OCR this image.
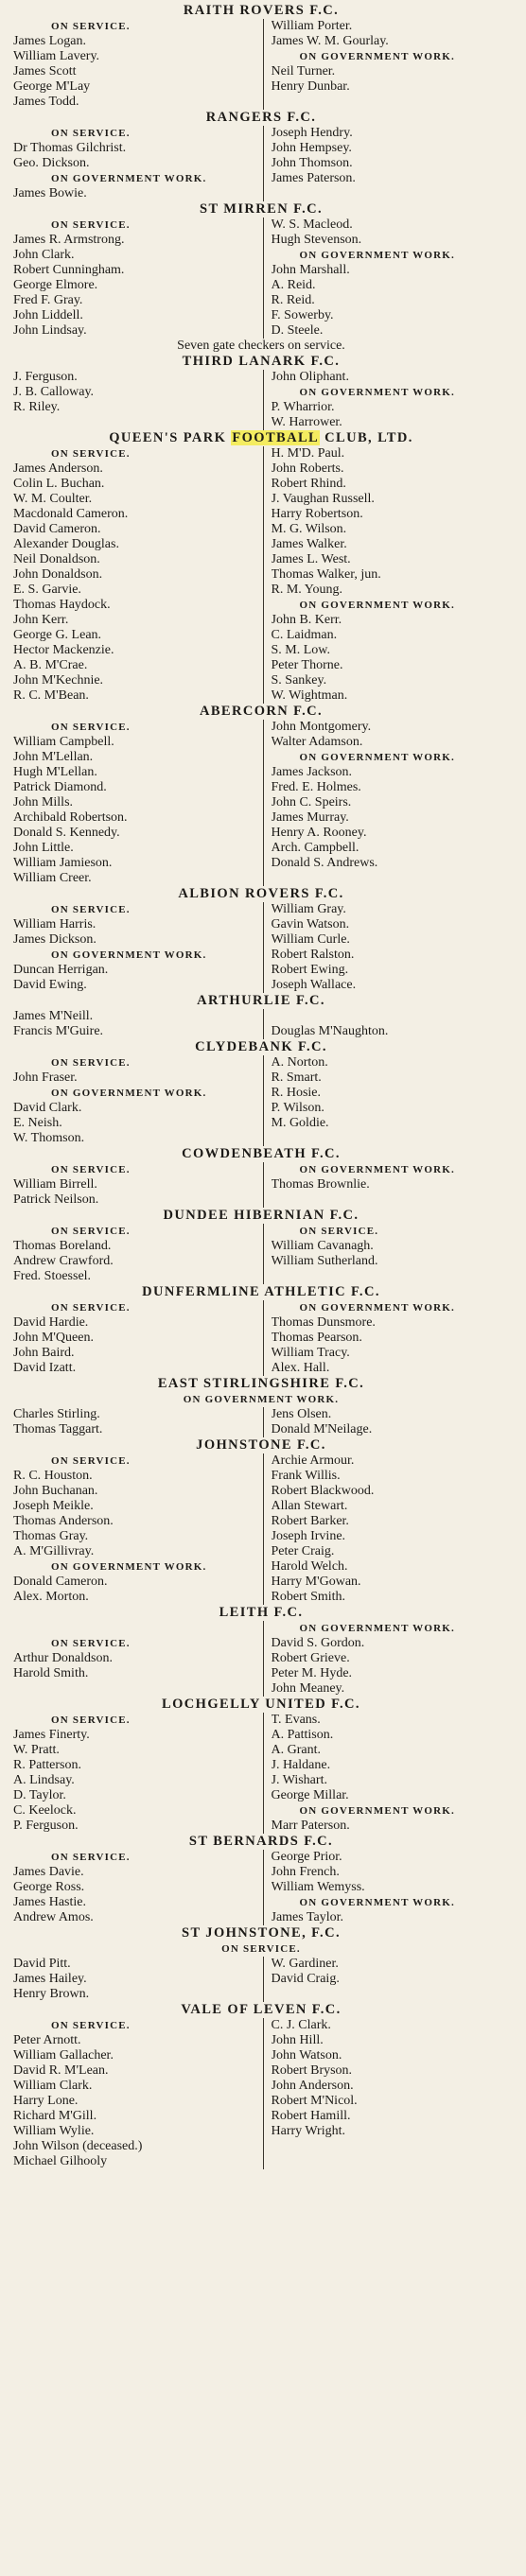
RAITH ROVERS F.C.
ON SERVICE.
James Logan.
William Lavery.
James Scott
George M'Lay
James Todd.
William Porter.
James W. M. Gourlay.
ON GOVERNMENT WORK.
Neil Turner.
Henry Dunbar.
RANGERS F.C.
ON SERVICE.
Dr Thomas Gilchrist.
Geo. Dickson.
ON GOVERNMENT WORK.
James Bowie.
Joseph Hendry.
John Hempsey.
John Thomson.
James Paterson.
ST MIRREN F.C.
ON SERVICE.
James R. Armstrong.
John Clark.
Robert Cunningham.
George Elmore.
Fred F. Gray.
John Liddell.
John Lindsay.
W. S. Macleod.
Hugh Stevenson.
ON GOVERNMENT WORK.
John Marshall.
A. Reid.
R. Reid.
F. Sowerby.
D. Steele.
Seven gate checkers on service.
THIRD LANARK F.C.
J. Ferguson.
J. B. Calloway.
R. Riley.
John Oliphant.
ON GOVERNMENT WORK.
P. Wharrior.
W. Harrower.
QUEEN'S PARK FOOTBALL CLUB, LTD.
ON SERVICE.
James Anderson.
Colin L. Buchan.
W. M. Coulter.
Macdonald Cameron.
David Cameron.
Alexander Douglas.
Neil Donaldson.
John Donaldson.
E. S. Garvie.
Thomas Haydock.
John Kerr.
George G. Lean.
Hector Mackenzie.
A. B. M'Crae.
John M'Kechnie.
R. C. M'Bean.
H. M'D. Paul.
John Roberts.
Robert Rhind.
J. Vaughan Russell.
Harry Robertson.
M. G. Wilson.
James Walker.
James L. West.
Thomas Walker, jun.
R. M. Young.
ON GOVERNMENT WORK.
John B. Kerr.
C. Laidman.
S. M. Low.
Peter Thorne.
S. Sankey.
W. Wightman.
ABERCORN F.C.
ON SERVICE.
William Campbell.
John M'Lellan.
Hugh M'Lellan.
Patrick Diamond.
John Mills.
Archibald Robertson.
Donald S. Kennedy.
John Little.
William Jamieson.
William Creer.
John Montgomery.
Walter Adamson.
ON GOVERNMENT WORK.
James Jackson.
Fred. E. Holmes.
John C. Speirs.
James Murray.
Henry A. Rooney.
Arch. Campbell.
Donald S. Andrews.
ALBION ROVERS F.C.
ON SERVICE.
William Harris.
James Dickson.
ON GOVERNMENT WORK.
Duncan Herrigan.
David Ewing.
William Gray.
Gavin Watson.
William Curle.
Robert Ralston.
Robert Ewing.
Joseph Wallace.
ARTHURLIE F.C.
James M'Neill.
Francis M'Guire.	Douglas M'Naughton.
CLYDEBANK F.C.
ON SERVICE.
John Fraser.
ON GOVERNMENT WORK.
David Clark.
E. Neish.
W. Thomson.
A. Norton.
R. Smart.
R. Hosie.
P. Wilson.
M. Goldie.
COWDENBEATH F.C.
ON SERVICE.
William Birrell.
Patrick Neilson.
ON GOVERNMENT WORK.
Thomas Brownlie.
DUNDEE HIBERNIAN F.C.
ON SERVICE.
Thomas Boreland.
Andrew Crawford.
Fred. Stoessel.
ON SERVICE.
William Cavanagh.
William Sutherland.
DUNFERMLINE ATHLETIC F.C.
ON SERVICE.
David Hardie.
John M'Queen.
John Baird.
David Izatt.
ON GOVERNMENT WORK.
Thomas Dunsmore.
Thomas Pearson.
William Tracy.
Alex. Hall.
EAST STIRLINGSHIRE F.C.
ON GOVERNMENT WORK.
Charles Stirling.
Thomas Taggart.
Jens Olsen.
Donald M'Neilage.
JOHNSTONE F.C.
ON SERVICE.
R. C. Houston.
John Buchanan.
Joseph Meikle.
Thomas Anderson.
Thomas Gray.
A. M'Gillivray.
ON GOVERNMENT WORK.
Donald Cameron.
Alex. Morton.
Archie Armour.
Frank Willis.
Robert Blackwood.
Allan Stewart.
Robert Barker.
Joseph Irvine.
Peter Craig.
Harold Welch.
Harry M'Gowan.
Robert Smith.
LEITH F.C.
ON SERVICE.
Arthur Donaldson.
Harold Smith.
ON GOVERNMENT WORK.
David S. Gordon.
Robert Grieve.
Peter M. Hyde.
John Meaney.
LOCHGELLY UNITED F.C.
ON SERVICE.
James Finerty.
W. Pratt.
R. Patterson.
A. Lindsay.
D. Taylor.
C. Keelock.
P. Ferguson.
T. Evans.
A. Pattison.
A. Grant.
J. Haldane.
J. Wishart.
George Millar.
ON GOVERNMENT WORK.
Marr Paterson.
ST BERNARDS F.C.
ON SERVICE.
James Davie.
George Ross.
James Hastie.
Andrew Amos.
George Prior.
John French.
William Wemyss.
ON GOVERNMENT WORK.
James Taylor.
ST JOHNSTONE, F.C.
ON SERVICE.
David Pitt.
James Hailey.
Henry Brown.
W. Gardiner.
David Craig.
VALE OF LEVEN F.C.
ON SERVICE.
Peter Arnott.
William Gallacher.
David R. M'Lean.
William Clark.
Harry Lone.
Richard M'Gill.
William Wylie.
John Wilson (deceased.)
Michael Gilhooly
C. J. Clark.
John Hill.
John Watson.
Robert Bryson.
John Anderson.
Robert M'Nicol.
Robert Hamill.
Harry Wright.
